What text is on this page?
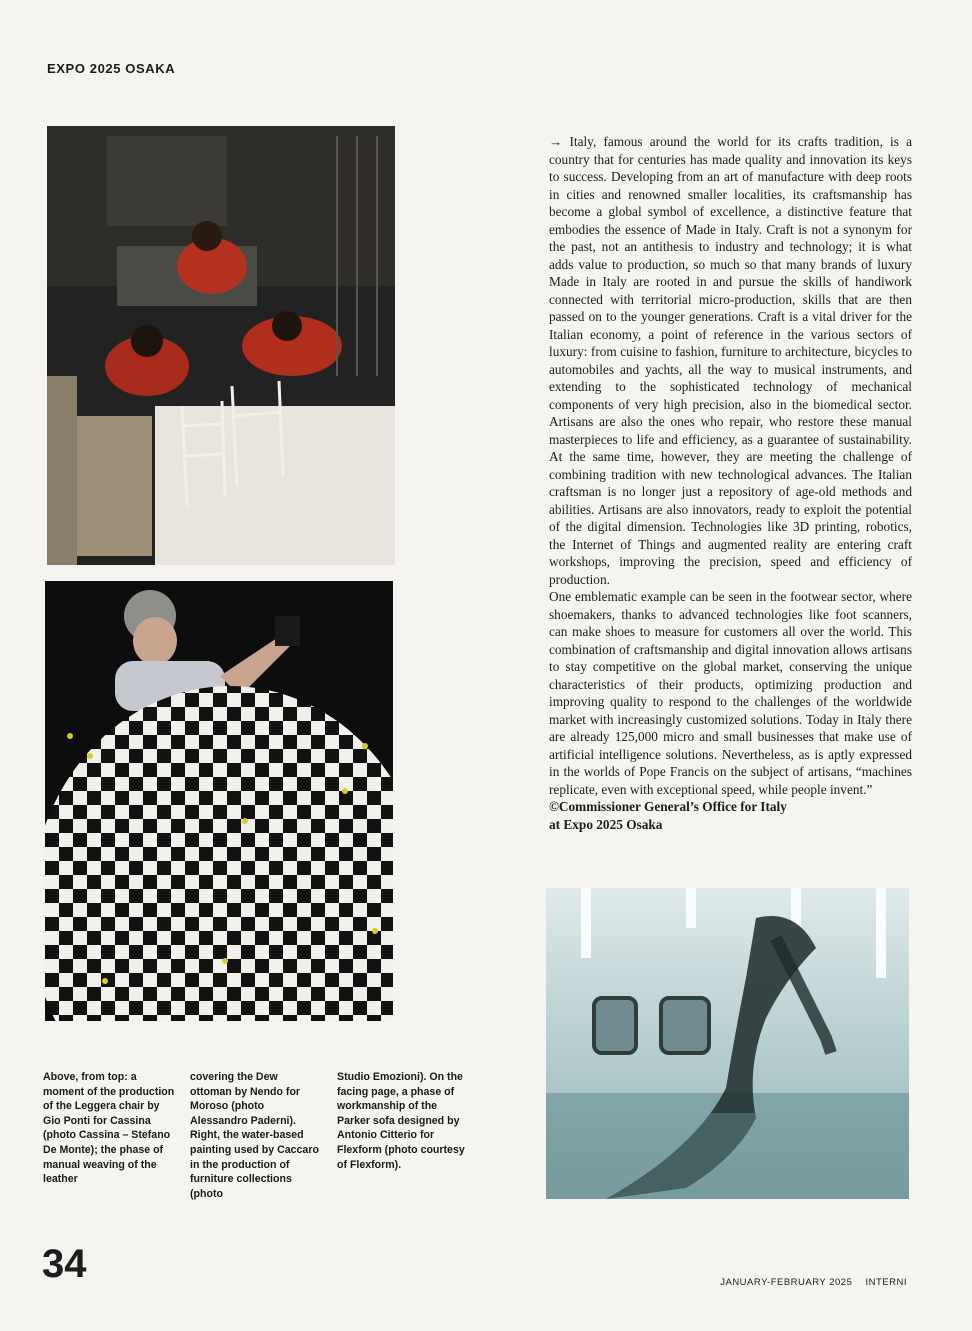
EXPO 2025 OSAKA

→ Italy, famous around the world for its crafts tradition, is a country that for centuries has made quality and innovation its keys to success. Developing from an art of manufacture with deep roots in cities and renowned smaller localities, its craftsmanship has become a global symbol of excellence, a distinctive feature that embodies the essence of Made in Italy. Craft is not a synonym for the past, not an antithesis to industry and technology; it is what adds value to production, so much so that many brands of luxury Made in Italy are rooted in and pursue the skills of handiwork connected with territorial micro-production, skills that are then passed on to the younger generations. Craft is a vital driver for the Italian economy, a point of reference in the various sectors of luxury: from cuisine to fashion, furniture to architecture, bicycles to automobiles and yachts, all the way to musical instruments, and extending to the sophisticated technology of mechanical components of very high precision, also in the biomedical sector. Artisans are also the ones who repair, who restore these manual masterpieces to life and efficiency, as a guarantee of sustainability. At the same time, however, they are meeting the challenge of combining tradition with new technological advances. The Italian craftsman is no longer just a repository of age-old methods and abilities. Artisans are also innovators, ready to exploit the potential of the digital dimension. Technologies like 3D printing, robotics, the Internet of Things and augmented reality are entering craft workshops, improving the precision, speed and efficiency of production.

One emblematic example can be seen in the footwear sector, where shoemakers, thanks to advanced technologies like foot scanners, can make shoes to measure for customers all over the world. This combination of craftsmanship and digital innovation allows artisans to stay competitive on the global market, conserving the unique characteristics of their products, optimizing production and improving quality to respond to the challenges of the worldwide market with increasingly customized solutions. Today in Italy there are already 125,000 micro and small businesses that make use of artificial intelligence solutions. Nevertheless, as is aptly expressed in the worlds of Pope Francis on the subject of artisans, “machines replicate, even with exceptional speed, while people invent.”

©Commissioner General’s Office for Italy
at Expo 2025 Osaka

Above, from top: a moment of the production of the Leggera chair by Gio Ponti for Cassina (photo Cassina – Stefano De Monte); the phase of manual weaving of the leather
covering the Dew ottoman by Nendo for Moroso (photo Alessandro Paderni). Right, the water-based painting used by Caccaro in the production of furniture collections (photo
Studio Emozioni). On the facing page, a phase of workmanship of the Parker sofa designed by Antonio Citterio for Flexform (photo courtesy of Flexform).
34	JANUARY-FEBRUARY 2025 INTERNI
